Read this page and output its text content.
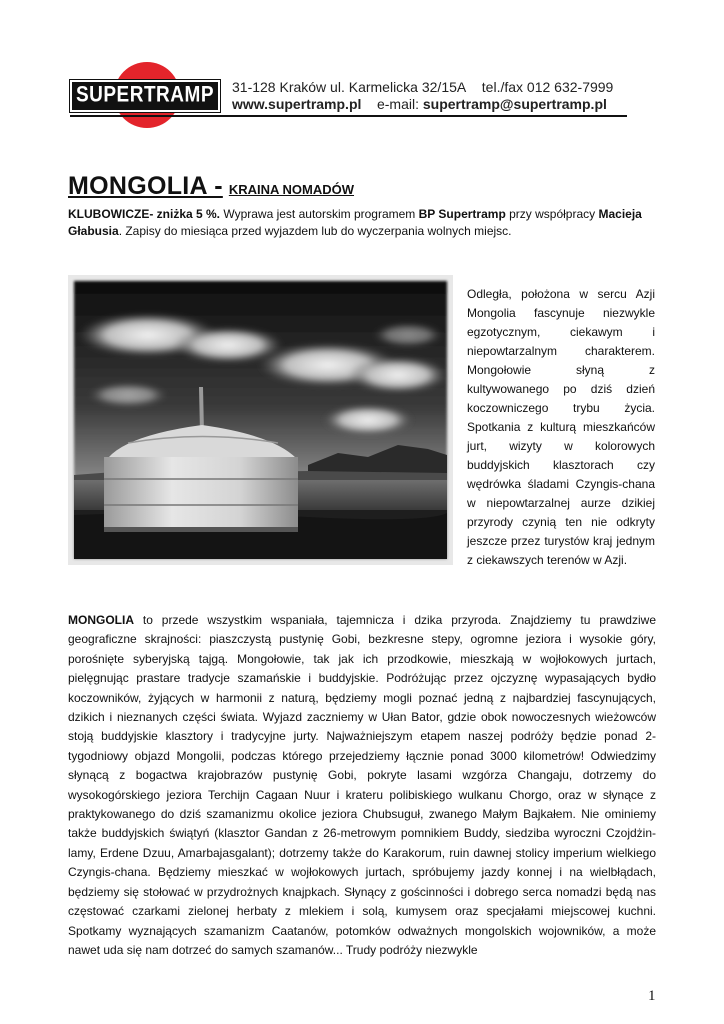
SUPERTRAMP 31-128 Kraków ul. Karmelicka 32/15A tel./fax 012 632-7999
www.supertramp.pl e-mail: supertramp@supertramp.pl
MONGOLIA - KRAINA NOMADÓW
KLUBOWICZE- zniżka 5 %. Wyprawa jest autorskim programem BP Supertramp przy współpracy Macieja Głabusia. Zapisy do miesiąca przed wyjazdem lub do wyczerpania wolnych miejsc.
Odległa, położona w sercu Azji Mongolia fascynuje niezwykle egzotycznym, ciekawym i niepowtarzalnym charakterem. Mongołowie słyną z kultywowanego po dziś dzień koczowniczego trybu życia. Spotkania z kulturą mieszkańców jurt, wizyty w kolorowych buddyjskich klasztorach czy wędrówka śladami Czyngis-chana w niepowtarzalnej aurze dzikiej przyrody czynią ten nie odkryty jeszcze przez turystów kraj jednym z ciekawszych terenów w Azji.
MONGOLIA to przede wszystkim wspaniała, tajemnicza i dzika przyroda. Znajdziemy tu prawdziwe geograficzne skrajności: piaszczystą pustynię Gobi, bezkresne stepy, ogromne jeziora i wysokie góry, porośnięte syberyjską tajgą. Mongołowie, tak jak ich przodkowie, mieszkają w wojłokowych jurtach, pielęgnując prastare tradycje szamańskie i buddyjskie. Podróżując przez ojczyznę wypasających bydło koczowników, żyjących w harmonii z naturą, będziemy mogli poznać jedną z najbardziej fascynujących, dzikich i nieznanych części świata. Wyjazd zaczniemy w Ułan Bator, gdzie obok nowoczesnych wieżowców stoją buddyjskie klasztory i tradycyjne jurty. Najważniejszym etapem naszej podróży będzie ponad 2-tygodniowy objazd Mongolii, podczas którego przejedziemy łącznie ponad 3000 kilometrów! Odwiedzimy słynącą z bogactwa krajobrazów pustynię Gobi, pokryte lasami wzgórza Changaju, dotrzemy do wysokogórskiego jeziora Terchijn Cagaan Nuur i krateru polibiskiego wulkanu Chorgo, oraz w słynące z praktykowanego do dziś szamanizmu okolice jeziora Chubsuguł, zwanego Małym Bajkałem. Nie ominiemy także buddyjskich świątyń (klasztor Gandan z 26-metrowym pomnikiem Buddy, siedziba wyroczni Czojdżin-lamy, Erdene Dzuu, Amarbajasgalant); dotrzemy także do Karakorum, ruin dawnej stolicy imperium wielkiego Czyngis-chana. Będziemy mieszkać w wojłokowych jurtach, spróbujemy jazdy konnej i na wielbłądach, będziemy się stołować w przydrożnych knajpkach. Słynący z gościnności i dobrego serca nomadzi będą nas częstować czarkami zielonej herbaty z mlekiem i solą, kumysem oraz specjałami miejscowej kuchni. Spotkamy wyznających szamanizm Caatanów, potomków odważnych mongolskich wojowników, a może nawet uda się nam dotrzeć do samych szamanów... Trudy podróży niezwykle
1
